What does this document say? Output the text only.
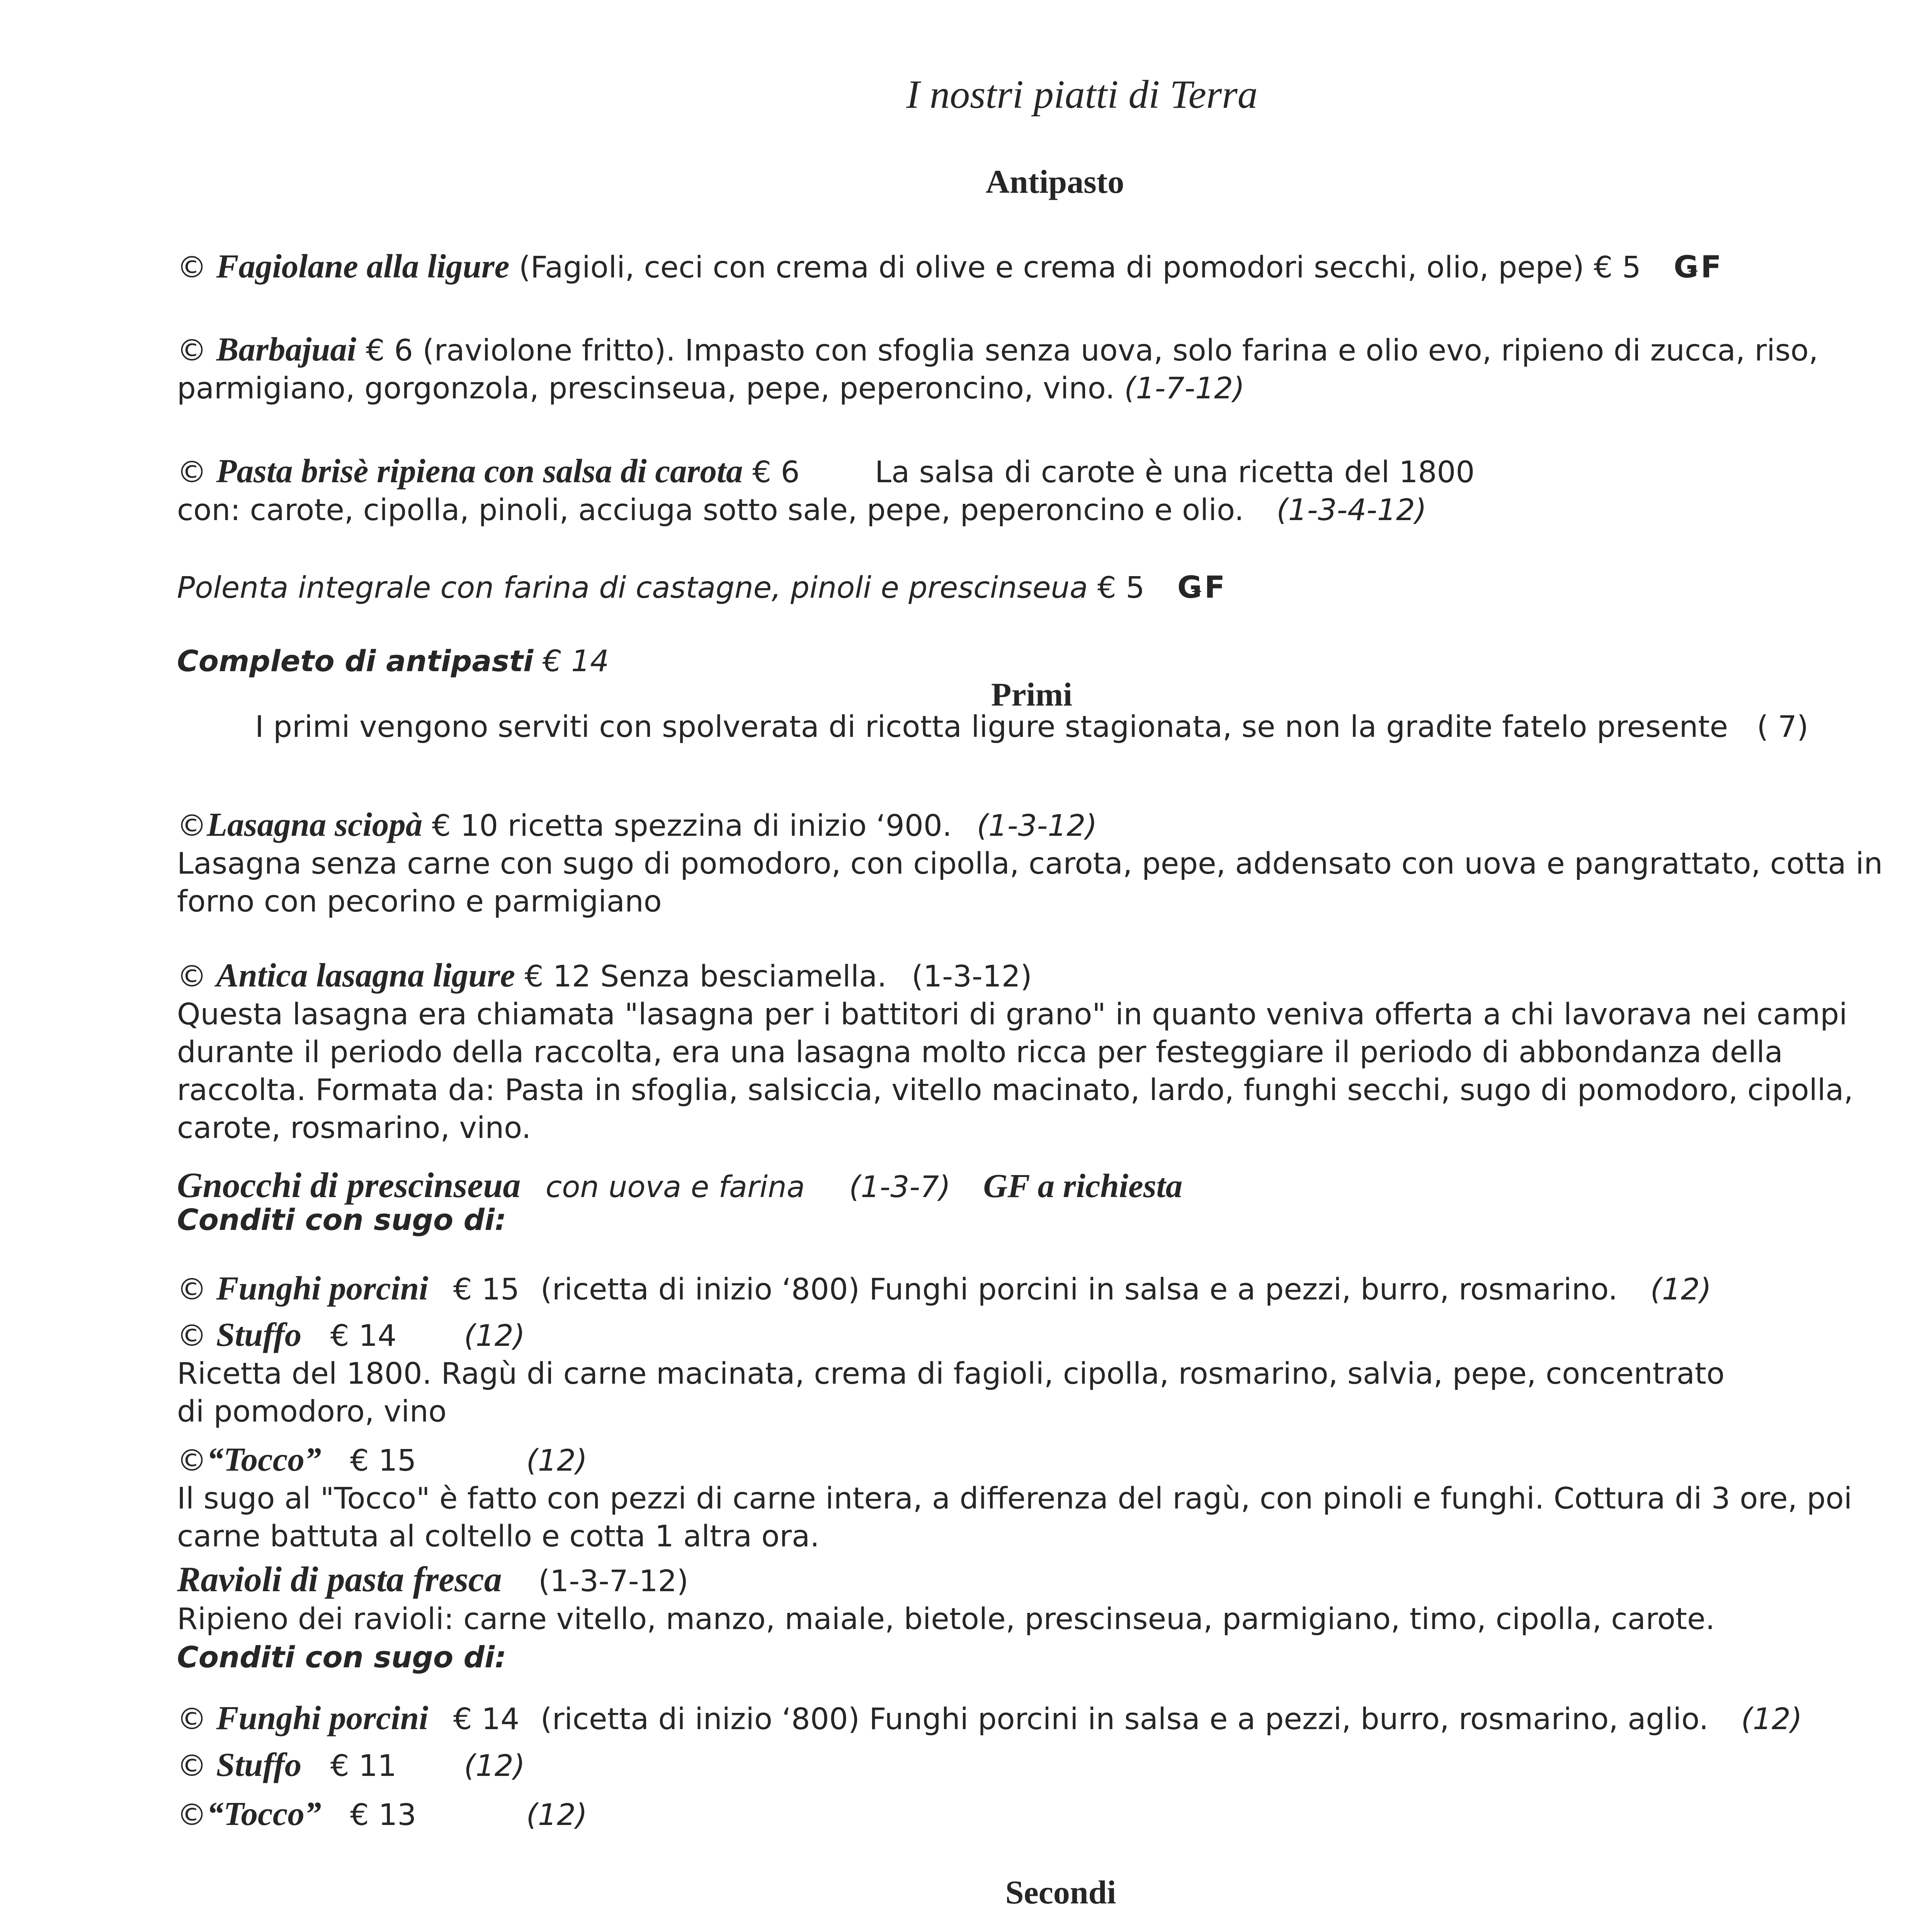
I nostri piatti di Terra
Antipasto
© Fagiolane alla ligure (Fagioli, ceci con crema di olive e crema di pomodori secchi, olio, pepe) € 5 ǤF
© Barbajuai € 6 (raviolone fritto). Impasto con sfoglia senza uova, solo farina e olio evo, ripieno di zucca, riso,
parmigiano, gorgonzola, prescinseua, pepe, peperoncino, vino. (1-7-12)
© Pasta brisè ripiena con salsa di carota € 6	La salsa di carote è una ricetta del 1800
con: carote, cipolla, pinoli, acciuga sotto sale, pepe, peperoncino e olio. (1-3-4-12)
Polenta integrale con farina di castagne, pinoli e prescinseua € 5 ǤF
Completo di antipasti € 14
Primi
I primi vengono serviti con spolverata di ricotta ligure stagionata, se non la gradite fatelo presente ( 7)
©Lasagna sciopà € 10 ricetta spezzina di inizio ‘900. (1-3-12)
Lasagna senza carne con sugo di pomodoro, con cipolla, carota, pepe, addensato con uova e pangrattato, cotta in
forno con pecorino e parmigiano
© Antica lasagna ligure € 12 Senza besciamella. (1-3-12)
Questa lasagna era chiamata "lasagna per i battitori di grano" in quanto veniva offerta a chi lavorava nei campi
durante il periodo della raccolta, era una lasagna molto ricca per festeggiare il periodo di abbondanza della
raccolta. Formata da: Pasta in sfoglia, salsiccia, vitello macinato, lardo, funghi secchi, sugo di pomodoro, cipolla,
carote, rosmarino, vino.
Gnocchi di prescinseua con uova e farina (1-3-7) GF a richiesta
Conditi con sugo di:
© Funghi porcini € 15 (ricetta di inizio ‘800) Funghi porcini in salsa e a pezzi, burro, rosmarino. (12)
© Stuffo € 14 (12)
Ricetta del 1800. Ragù di carne macinata, crema di fagioli, cipolla, rosmarino, salvia, pepe, concentrato
di pomodoro, vino
©“Tocco” € 15	(12)
Il sugo al "Tocco" è fatto con pezzi di carne intera, a differenza del ragù, con pinoli e funghi. Cottura di 3 ore, poi
carne battuta al coltello e cotta 1 altra ora.
Ravioli di pasta fresca (1-3-7-12)
Ripieno dei ravioli: carne vitello, manzo, maiale, bietole, prescinseua, parmigiano, timo, cipolla, carote.
Conditi con sugo di:
© Funghi porcini € 14 (ricetta di inizio ‘800) Funghi porcini in salsa e a pezzi, burro, rosmarino, aglio. (12)
© Stuffo € 11 (12)
©“Tocco” € 13	(12)
Secondi
